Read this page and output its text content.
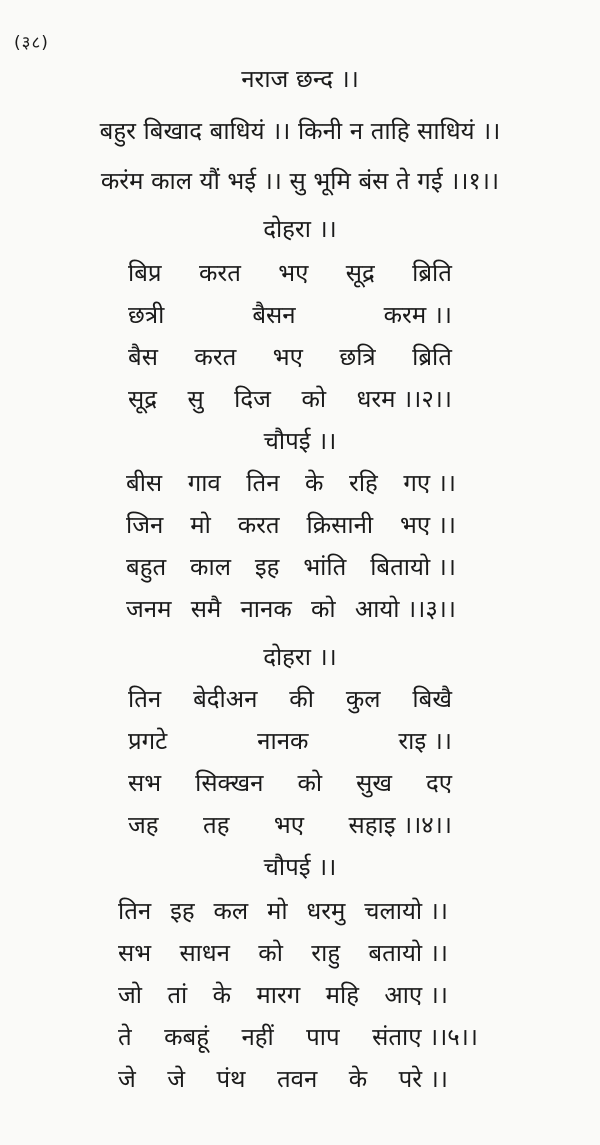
(३८)
नराज छन्द ।।
बहुर बिखाद बाधियं ।। किनी न ताहि साधियं ।।
करंम काल यौं भई ।। सु भूमि बंस ते गई ।।१।।
दोहरा ।।
बिप्र करत भए सूद्र ब्रिति
छत्री	बैसन	करम ।।
बैस करत भए छत्रि ब्रिति
सूद्र सु दिज को धरम ।।२।।
चौपई ।।
बीस गाव तिन के रहि गए ।।
जिन मो करत क्रिसानी भए ।।
बहुत काल इह भांति बितायो ।।
जनम समै नानक को आयो ।।३।।
दोहरा ।।
तिन बेदीअन की कुल बिखै
प्रगटे	नानक	राइ ।।
सभ सिक्खन को सुख दए
जह तह भए सहाइ ।।४।।
चौपई ।।
तिन इह कल मो धरमु चलायो ।।
सभ साधन को राहु बतायो ।।
जो तां के मारग महि आए ।।
ते कबहूं नहीं पाप संताए ।।५।।
जे जे पंथ तवन के परे ।।
